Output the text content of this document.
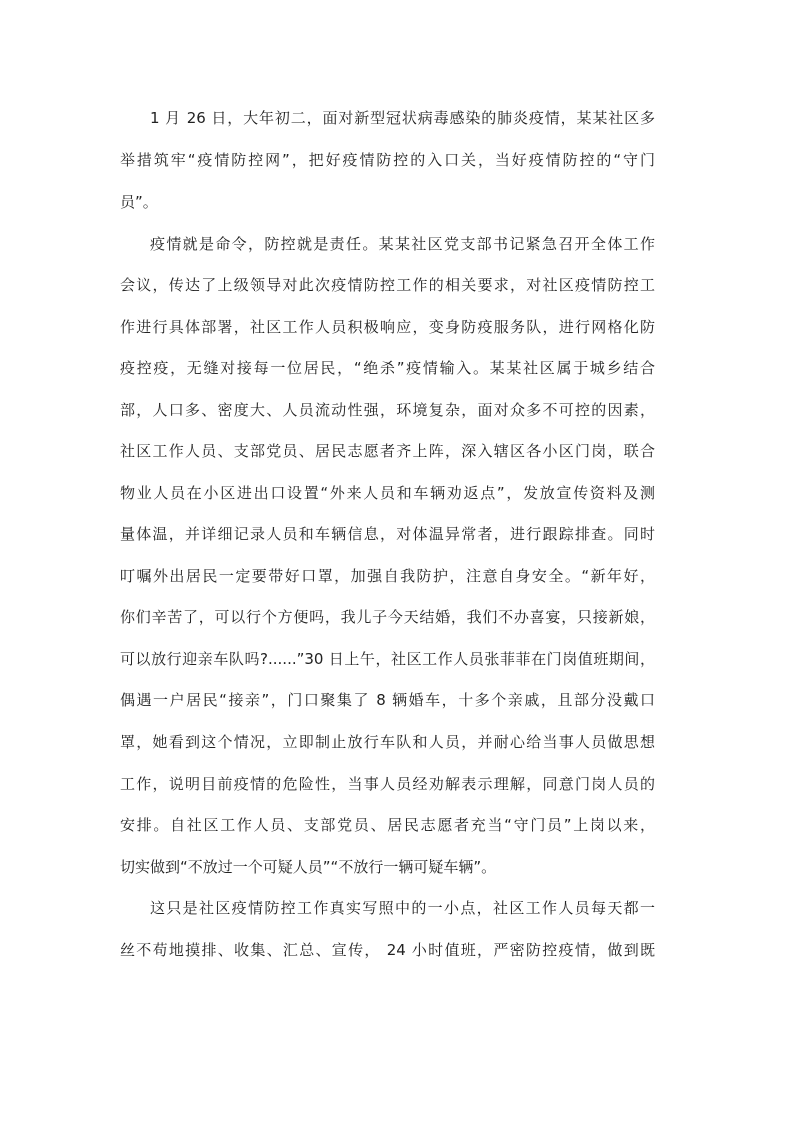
1 月 26 日，大年初二，面对新型冠状病毒感染的肺炎疫情，某某社区多
举措筑牢“疫情防控网”，把好疫情防控的入口关，当好疫情防控的“守门
员”。
疫情就是命令，防控就是责任。某某社区党支部书记紧急召开全体工作
会议，传达了上级领导对此次疫情防控工作的相关要求，对社区疫情防控工
作进行具体部署，社区工作人员积极响应，变身防疫服务队，进行网格化防
疫控疫，无缝对接每一位居民，“绝杀”疫情输入。某某社区属于城乡结合
部，人口多、密度大、人员流动性强，环境复杂，面对众多不可控的因素，
社区工作人员、支部党员、居民志愿者齐上阵，深入辖区各小区门岗，联合
物业人员在小区进出口设置“外来人员和车辆劝返点”，发放宣传资料及测
量体温，并详细记录人员和车辆信息，对体温异常者，进行跟踪排查。同时
叮嘱外出居民一定要带好口罩，加强自我防护，注意自身安全。“新年好，
你们辛苦了，可以行个方便吗，我儿子今天结婚，我们不办喜宴，只接新娘，
可以放行迎亲车队吗?......”30 日上午，社区工作人员张菲菲在门岗值班期间，
偶遇一户居民“接亲”，门口聚集了 8 辆婚车，十多个亲戚，且部分没戴口
罩，她看到这个情况，立即制止放行车队和人员，并耐心给当事人员做思想
工作，说明目前疫情的危险性，当事人员经劝解表示理解，同意门岗人员的
安排。自社区工作人员、支部党员、居民志愿者充当“守门员”上岗以来，
切实做到“不放过一个可疑人员”“不放行一辆可疑车辆”。
这只是社区疫情防控工作真实写照中的一小点，社区工作人员每天都一
丝不苟地摸排、收集、汇总、宣传， 24 小时值班，严密防控疫情，做到既
